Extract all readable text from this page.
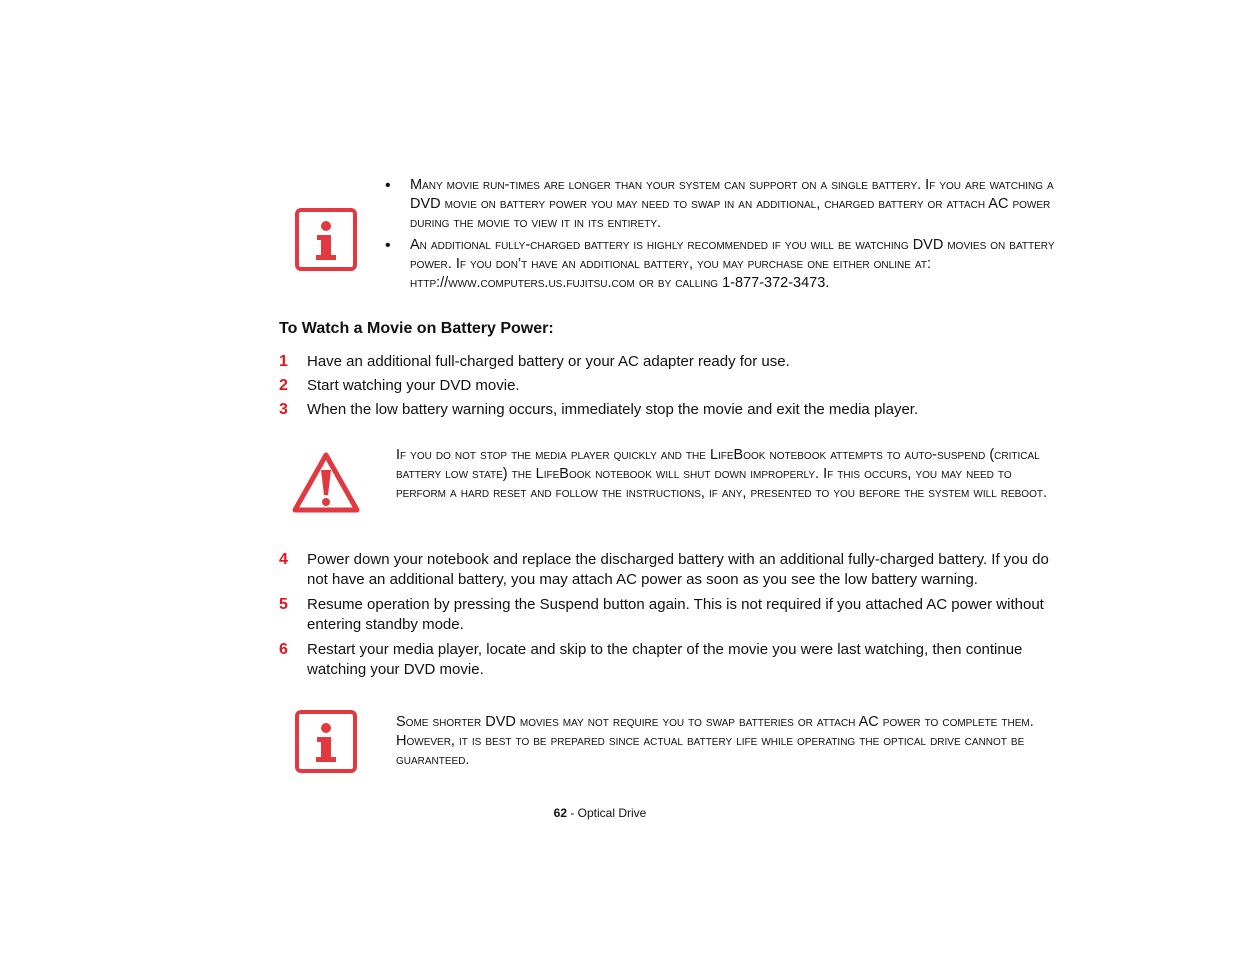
• Many movie run-times are longer than your system can support on a single battery. If you are watching a DVD movie on battery power you may need to swap in an additional, charged battery or attach AC power during the movie to view it in its entirety.
• An additional fully-charged battery is highly recommended if you will be watching DVD movies on battery power. If you don’t have an additional battery, you may purchase one either online at: http://www.computers.us.fujitsu.com or by calling 1-877-372-3473.
To Watch a Movie on Battery Power:

1 Have an additional full-charged battery or your AC adapter ready for use.

2 Start watching your DVD movie.

3 When the low battery warning occurs, immediately stop the movie and exit the media player.

If you do not stop the media player quickly and the LifeBook notebook attempts to auto-suspend (critical battery low state) the LifeBook notebook will shut down improperly. If this occurs, you may need to perform a hard reset and follow the instructions, if any, presented to you before the system will reboot.

4 Power down your notebook and replace the discharged battery with an additional fully-charged battery. If you do not have an additional battery, you may attach AC power as soon as you see the low battery warning.

5 Resume operation by pressing the Suspend button again. This is not required if you attached AC power without entering standby mode.

6 Restart your media player, locate and skip to the chapter of the movie you were last watching, then continue watching your DVD movie.

Some shorter DVD movies may not require you to swap batteries or attach AC power to complete them. However, it is best to be prepared since actual battery life while operating the optical drive cannot be guaranteed.
62 - Optical Drive
